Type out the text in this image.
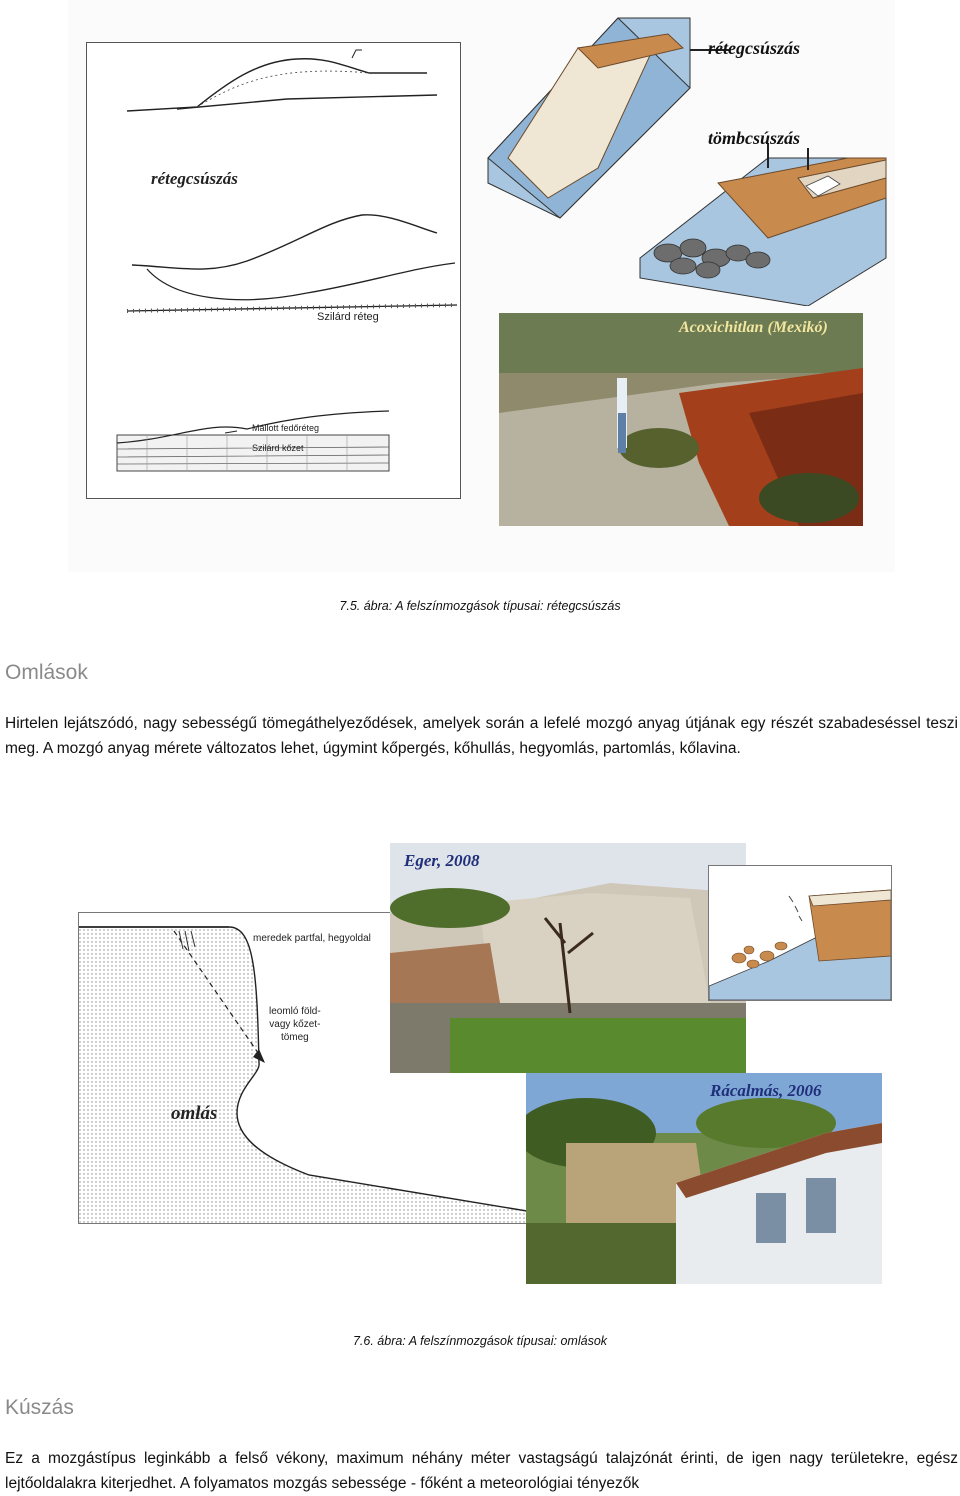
rétegcsúszás
Szilárd réteg
Mállott fedőréteg
Szilárd kőzet
rétegcsúszás
tömbcsúszás
Acoxichitlan (Mexikó)
7.5. ábra: A felszínmozgások típusai: rétegcsúszás
Omlások
Hirtelen lejátszódó, nagy sebességű tömegáthelyeződések, amelyek során a lefelé mozgó anyag útjának egy részét szabadeséssel teszi meg. A mozgó anyag mérete változatos lehet, úgymint kőpergés, kőhullás, hegyomlás, partomlás, kőlavina.
meredek partfal, hegyoldal
leomló föld-
vagy kőzet-
tömeg
omlás
Eger, 2008
Rácalmás, 2006
7.6. ábra: A felszínmozgások típusai: omlások
Kúszás
Ez a mozgástípus leginkább a felső vékony, maximum néhány méter vastagságú talajzónát érinti, de igen nagy területekre, egész lejtőoldalakra kiterjedhet. A folyamatos mozgás sebessége - főként a meteorológiai tényezők
